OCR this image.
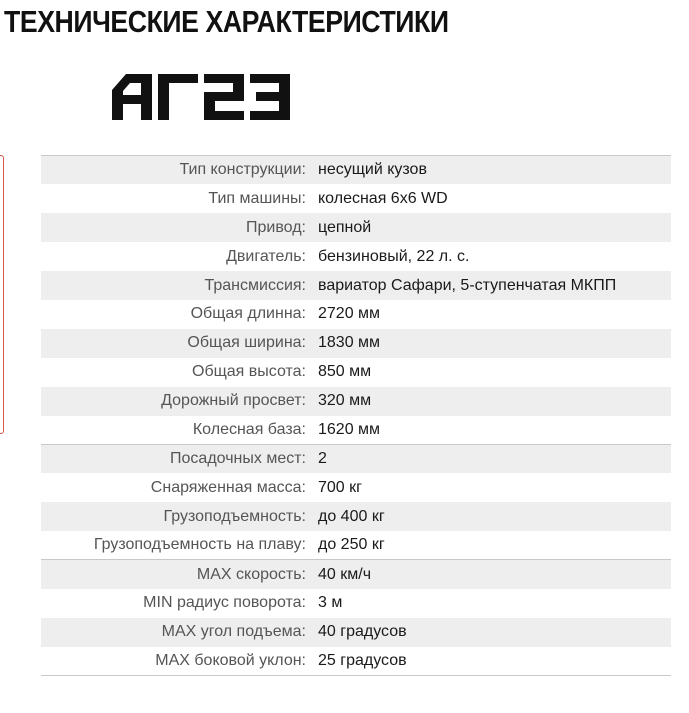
ТЕХНИЧЕСКИЕ ХАРАКТЕРИСТИКИ
Тип конструкции:	несущий кузов
Тип машины:	колесная 6х6 WD
Привод:	цепной
Двигатель:	бензиновый, 22 л. с.
Трансмиссия:	вариатор Сафари, 5-ступенчатая МКПП
Общая длинна:	2720 мм
Общая ширина:	1830 мм
Общая высота:	850 мм
Дорожный просвет:	320 мм
Колесная база:	1620 мм
Посадочных мест:	2
Снаряженная масса:	700 кг
Грузоподъемность:	до 400 кг
Грузоподъемность на плаву:	до 250 кг
MAX скорость:	40 км/ч
MIN радиус поворота:	3 м
MAX угол подъема:	40 градусов
MAX боковой уклон:	25 градусов
